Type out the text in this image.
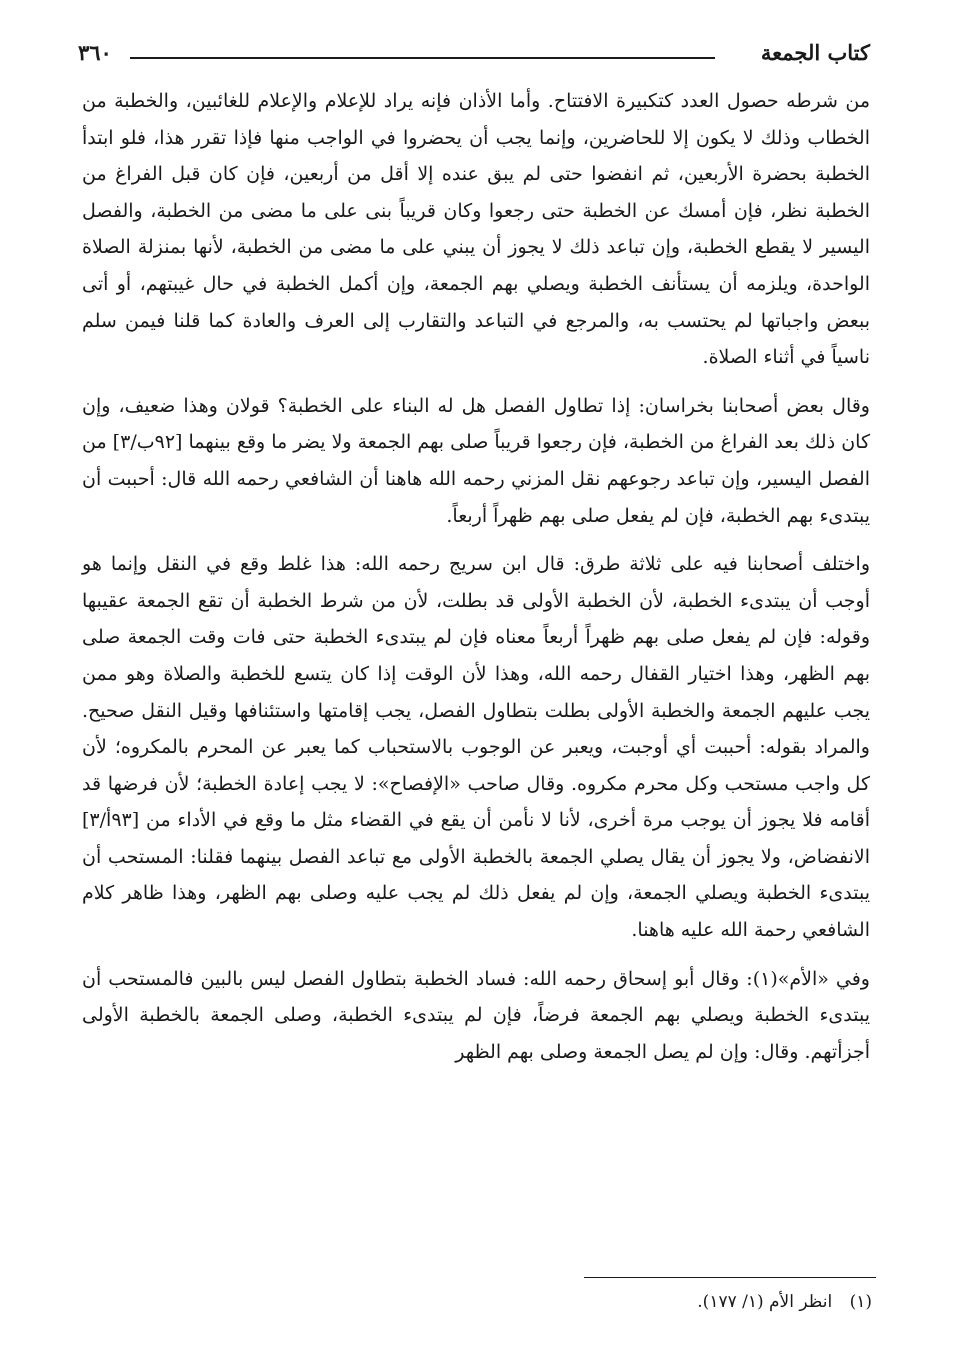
كتاب الجمعة
٣٦٠

من شرطه حصول العدد كتكبيرة الافتتاح. وأما الأذان فإنه يراد للإعلام والإعلام للغائبين، والخطبة من الخطاب وذلك لا يكون إلا للحاضرين، وإنما يجب أن يحضروا في الواجب منها فإذا تقرر هذا، فلو ابتدأ الخطبة بحضرة الأربعين، ثم انفضوا حتى لم يبق عنده إلا أقل من أربعين، فإن كان قبل الفراغ من الخطبة نظر، فإن أمسك عن الخطبة حتى رجعوا وكان قريباً بنى على ما مضى من الخطبة، والفصل اليسير لا يقطع الخطبة، وإن تباعد ذلك لا يجوز أن يبني على ما مضى من الخطبة، لأنها بمنزلة الصلاة الواحدة، ويلزمه أن يستأنف الخطبة ويصلي بهم الجمعة، وإن أكمل الخطبة في حال غيبتهم، أو أتى ببعض واجباتها لم يحتسب به، والمرجع في التباعد والتقارب إلى العرف والعادة كما قلنا فيمن سلم ناسياً في أثناء الصلاة.

وقال بعض أصحابنا بخراسان: إذا تطاول الفصل هل له البناء على الخطبة؟ قولان وهذا ضعيف، وإن كان ذلك بعد الفراغ من الخطبة، فإن رجعوا قريباً صلى بهم الجمعة ولا يضر ما وقع بينهما [٩٢ب/٣] من الفصل اليسير، وإن تباعد رجوعهم نقل المزني رحمه الله هاهنا أن الشافعي رحمه الله قال: أحببت أن يبتدىء بهم الخطبة، فإن لم يفعل صلى بهم ظهراً أربعاً.

واختلف أصحابنا فيه على ثلاثة طرق: قال ابن سريج رحمه الله: هذا غلط وقع في النقل وإنما هو أوجب أن يبتدىء الخطبة، لأن الخطبة الأولى قد بطلت، لأن من شرط الخطبة أن تقع الجمعة عقيبها وقوله: فإن لم يفعل صلى بهم ظهراً أربعاً معناه فإن لم يبتدىء الخطبة حتى فات وقت الجمعة صلى بهم الظهر، وهذا اختيار القفال رحمه الله، وهذا لأن الوقت إذا كان يتسع للخطبة والصلاة وهو ممن يجب عليهم الجمعة والخطبة الأولى بطلت بتطاول الفصل، يجب إقامتها واستئنافها وقيل النقل صحيح. والمراد بقوله: أحببت أي أوجبت، ويعبر عن الوجوب بالاستحباب كما يعبر عن المحرم بالمكروه؛ لأن كل واجب مستحب وكل محرم مكروه. وقال صاحب «الإفصاح»: لا يجب إعادة الخطبة؛ لأن فرضها قد أقامه فلا يجوز أن يوجب مرة أخرى، لأنا لا نأمن أن يقع في القضاء مثل ما وقع في الأداء من [٩٣أ/٣] الانفضاض، ولا يجوز أن يقال يصلي الجمعة بالخطبة الأولى مع تباعد الفصل بينهما فقلنا: المستحب أن يبتدىء الخطبة ويصلي الجمعة، وإن لم يفعل ذلك لم يجب عليه وصلى بهم الظهر، وهذا ظاهر كلام الشافعي رحمة الله عليه هاهنا.

وفي «الأم»(١): وقال أبو إسحاق رحمه الله: فساد الخطبة بتطاول الفصل ليس بالبين فالمستحب أن يبتدىء الخطبة ويصلي بهم الجمعة فرضاً، فإن لم يبتدىء الخطبة، وصلى الجمعة بالخطبة الأولى أجزأتهم. وقال: وإن لم يصل الجمعة وصلى بهم الظهر

(١) انظر الأم (١/ ١٧٧).
